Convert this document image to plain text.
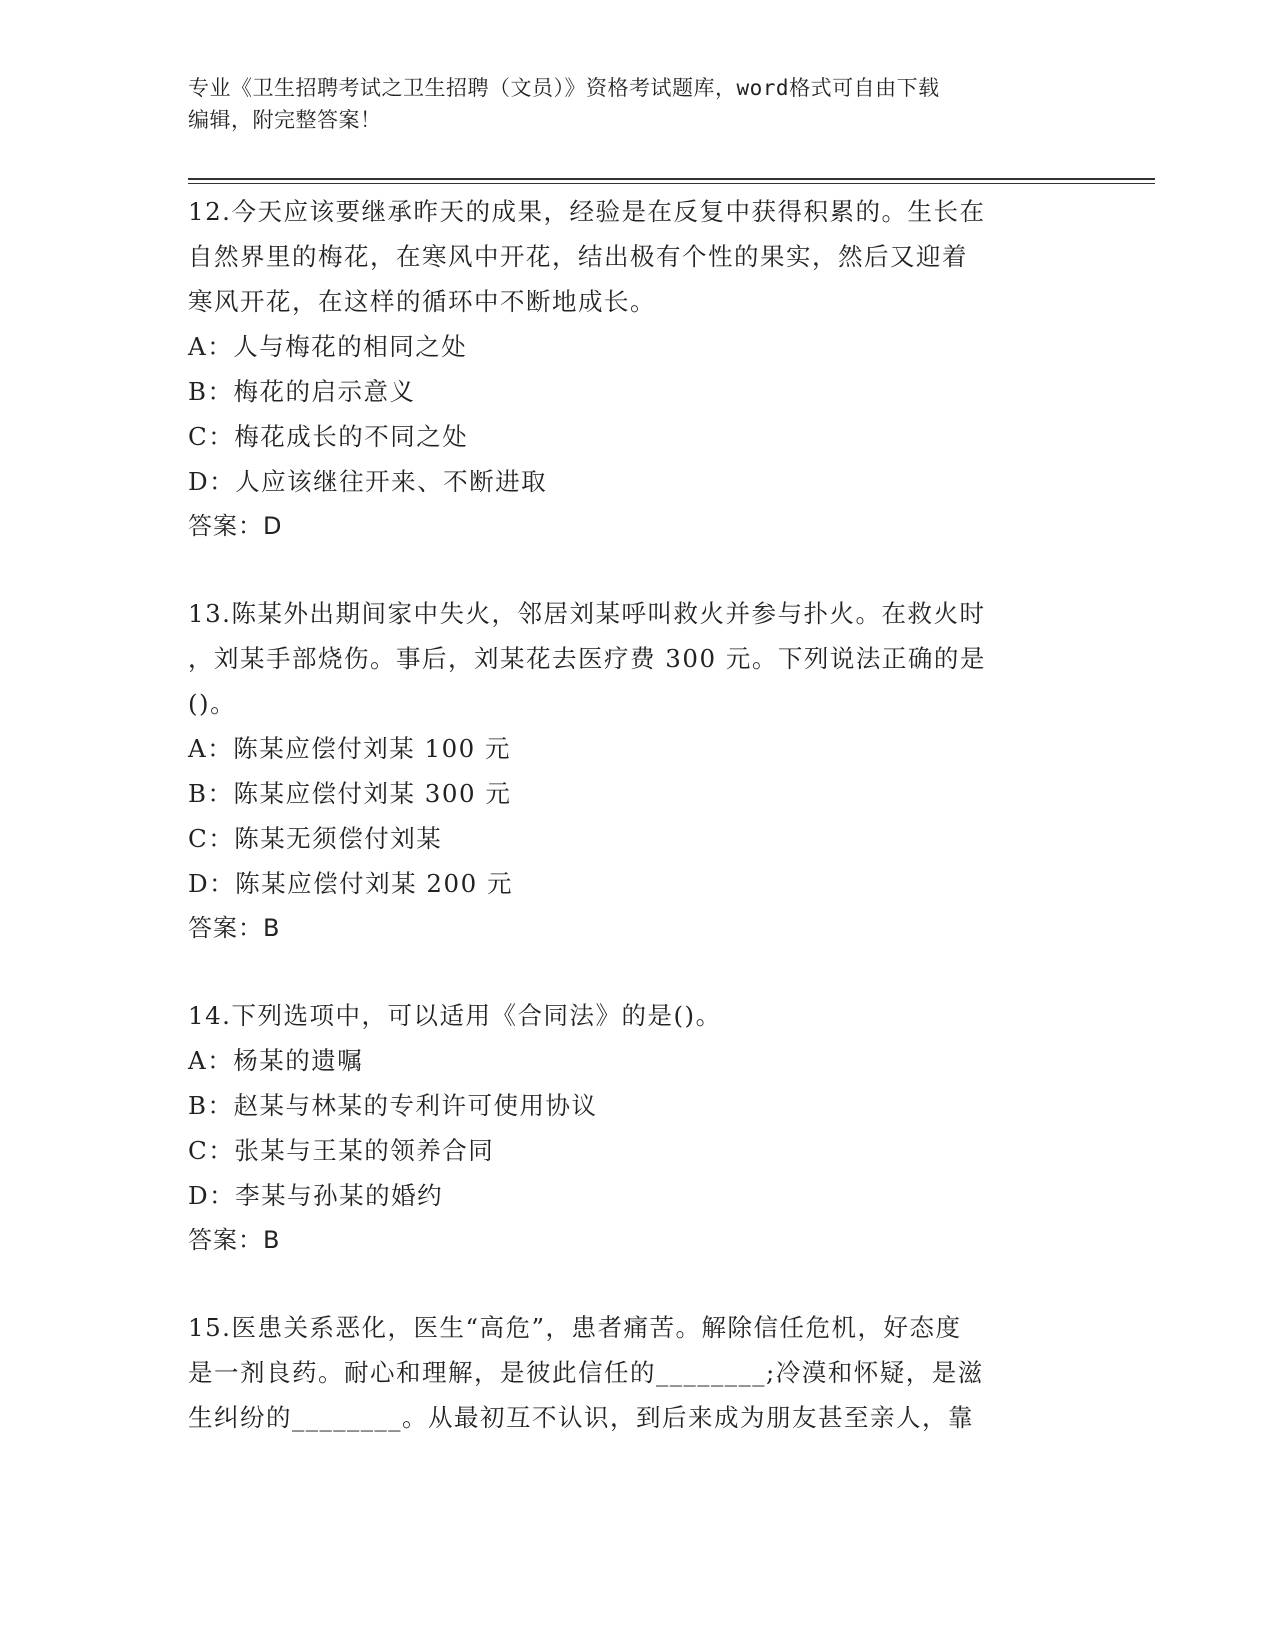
专业《卫生招聘考试之卫生招聘（文员）》资格考试题库，word格式可自由下载
编辑，附完整答案！
12.今天应该要继承昨天的成果，经验是在反复中获得积累的。生长在
自然界里的梅花，在寒风中开花，结出极有个性的果实，然后又迎着
寒风开花，在这样的循环中不断地成长。
A：人与梅花的相同之处
B：梅花的启示意义
C：梅花成长的不同之处
D：人应该继往开来、不断进取
答案：D
13.陈某外出期间家中失火，邻居刘某呼叫救火并参与扑火。在救火时
，刘某手部烧伤。事后，刘某花去医疗费 300 元。下列说法正确的是
()。
A：陈某应偿付刘某 100 元
B：陈某应偿付刘某 300 元
C：陈某无须偿付刘某
D：陈某应偿付刘某 200 元
答案：B
14.下列选项中，可以适用《合同法》的是()。
A：杨某的遗嘱
B：赵某与林某的专利许可使用协议
C：张某与王某的领养合同
D：李某与孙某的婚约
答案：B
15.医患关系恶化，医生“高危”，患者痛苦。解除信任危机，好态度
是一剂良药。耐心和理解，是彼此信任的________;冷漠和怀疑，是滋
生纠纷的________。从最初互不认识，到后来成为朋友甚至亲人，靠
